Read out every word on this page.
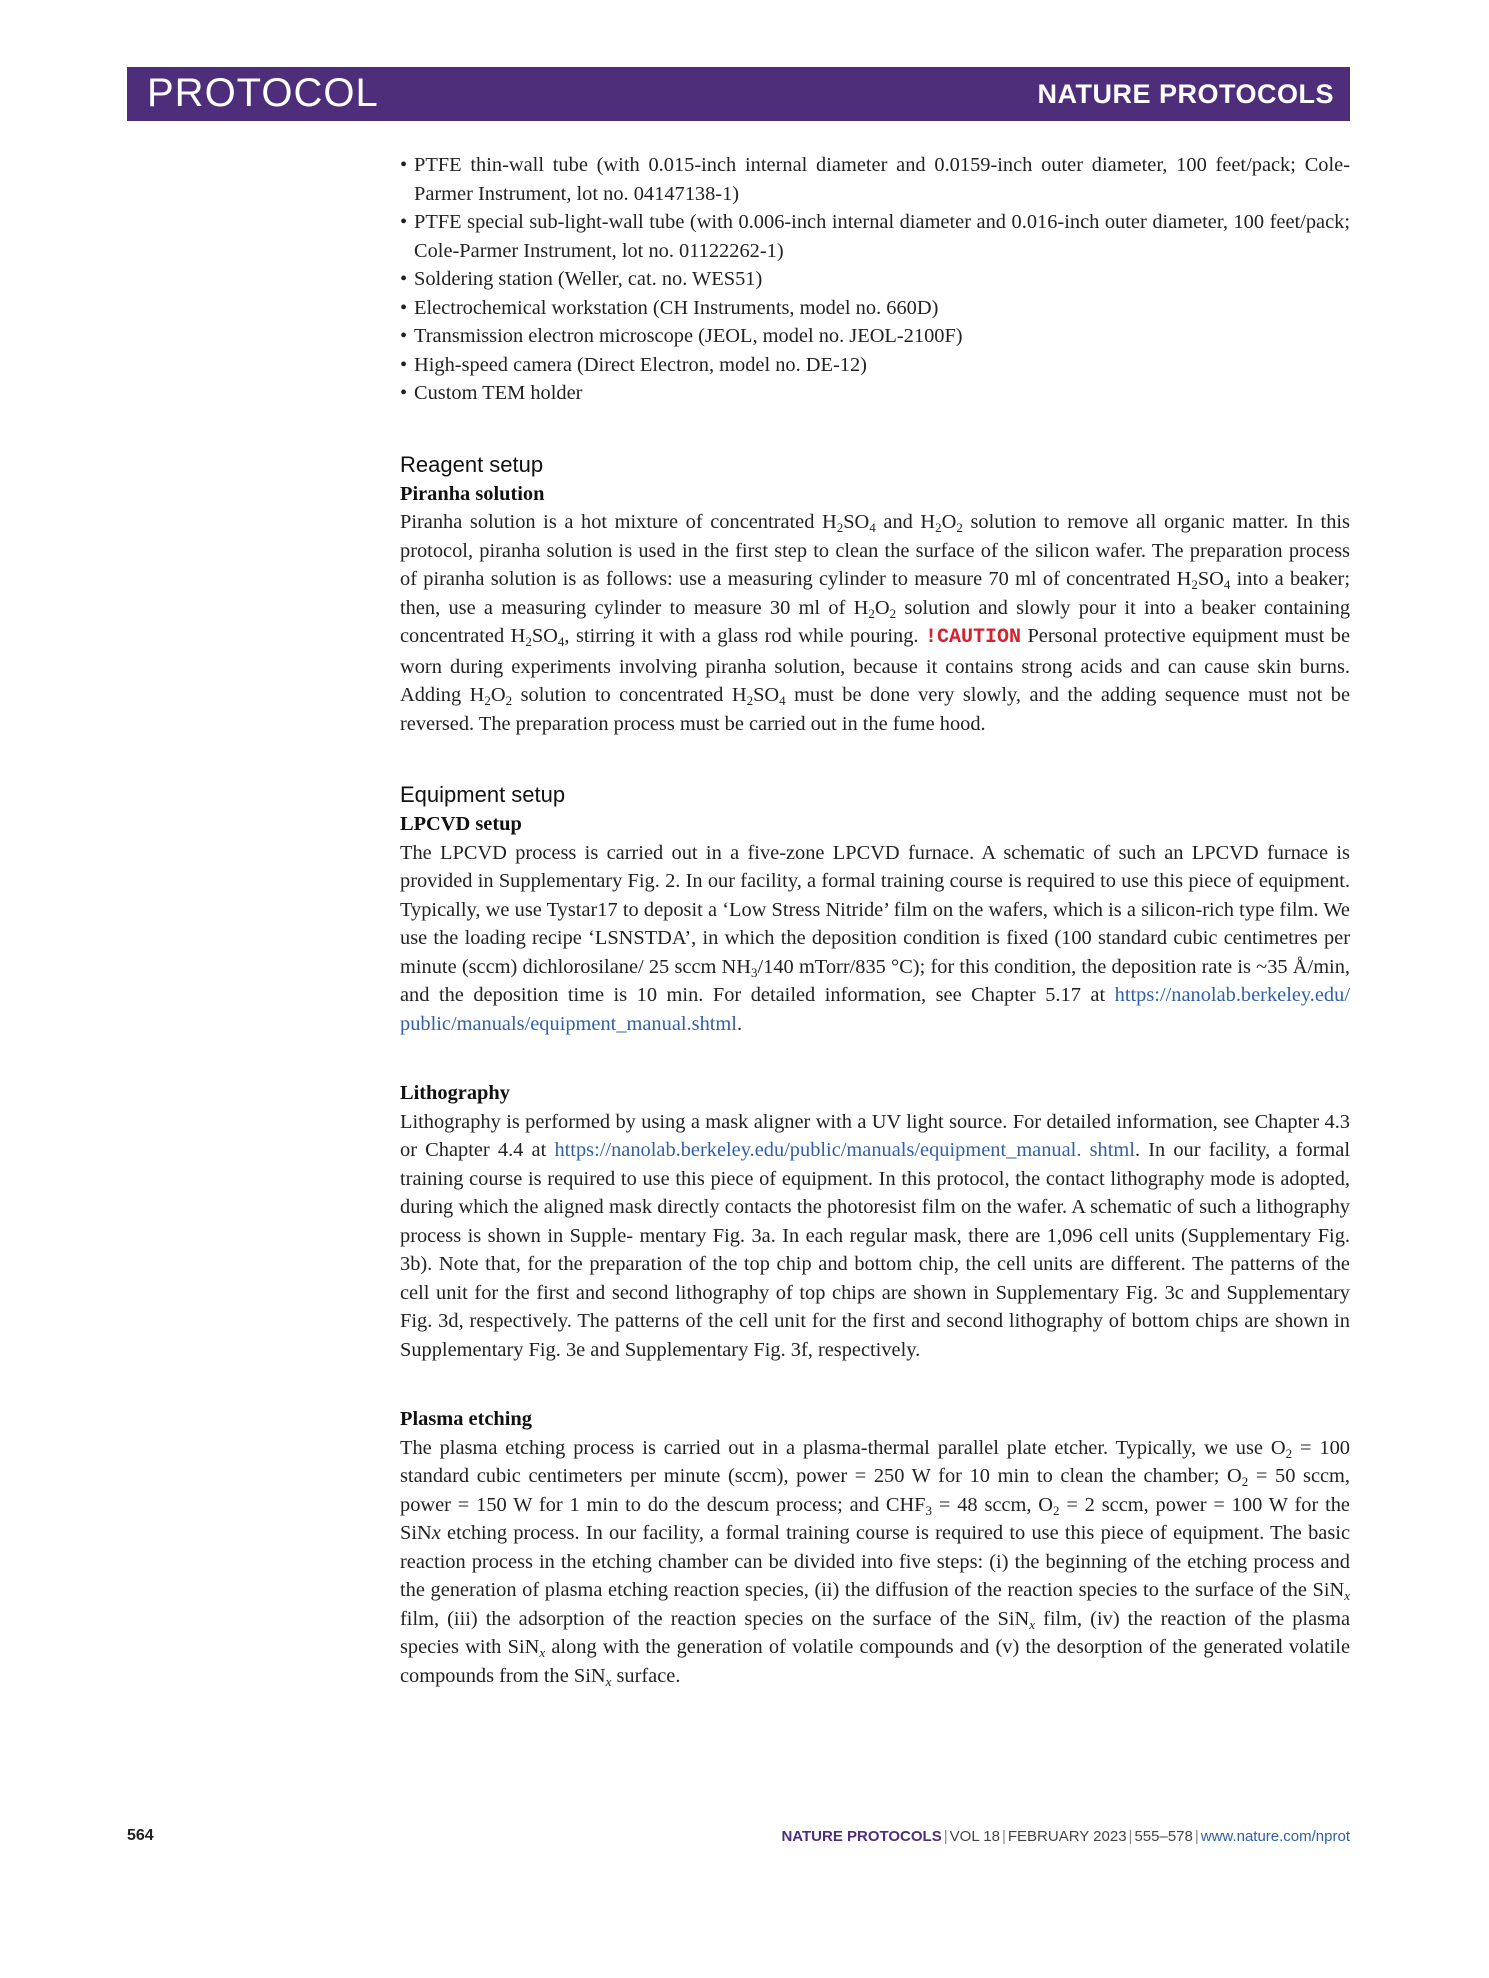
PROTOCOL	NATURE PROTOCOLS
• PTFE thin-wall tube (with 0.015-inch internal diameter and 0.0159-inch outer diameter, 100 feet/pack; Cole-Parmer Instrument, lot no. 04147138-1)
• PTFE special sub-light-wall tube (with 0.006-inch internal diameter and 0.016-inch outer diameter, 100 feet/pack; Cole-Parmer Instrument, lot no. 01122262-1)
• Soldering station (Weller, cat. no. WES51)
• Electrochemical workstation (CH Instruments, model no. 660D)
• Transmission electron microscope (JEOL, model no. JEOL-2100F)
• High-speed camera (Direct Electron, model no. DE-12)
• Custom TEM holder
Reagent setup
Piranha solution

Piranha solution is a hot mixture of concentrated $H_2SO_4$ and $H_2O_2$ solution to remove all organic matter. In this protocol, piranha solution is used in the first step to clean the surface of the silicon wafer. The preparation process of piranha solution is as follows: use a measuring cylinder to measure 70 ml of concentrated $H_2SO_4$ into a beaker; then, use a measuring cylinder to measure 30 ml of $H_2O_2$ solution and slowly pour it into a beaker containing concentrated $H_2SO_4$, stirring it with a glass rod while pouring. !CAUTION Personal protective equipment must be worn during experiments involving piranha solution, because it contains strong acids and can cause skin burns. Adding $H_2O_2$ solution to concentrated $H_2SO_4$ must be done very slowly, and the adding sequence must not be reversed. The preparation process must be carried out in the fume hood.

Equipment setup
LPCVD setup

The LPCVD process is carried out in a five-zone LPCVD furnace. A schematic of such an LPCVD furnace is provided in Supplementary Fig. 2. In our facility, a formal training course is required to use this piece of equipment. Typically, we use Tystar17 to deposit a ‘Low Stress Nitride’ film on the wafers, which is a silicon-rich type film. We use the loading recipe ‘LSNSTDA’, in which the deposition condition is fixed (100 standard cubic centimetres per minute (sccm) dichlorosilane/ 25 sccm $NH_3/140$ mTorr/835 °C); for this condition, the deposition rate is ~35 Å/min, and the deposition time is 10 min. For detailed information, see Chapter 5.17 at https://nanolab.berkeley.edu/ public/manuals/equipment_manual.shtml.

Lithography

Lithography is performed by using a mask aligner with a UV light source. For detailed information, see Chapter 4.3 or Chapter 4.4 at https://nanolab.berkeley.edu/public/manuals/equipment_manual. shtml. In our facility, a formal training course is required to use this piece of equipment. In this protocol, the contact lithography mode is adopted, during which the aligned mask directly contacts the photoresist film on the wafer. A schematic of such a lithography process is shown in Supple- mentary Fig. 3a. In each regular mask, there are 1,096 cell units (Supplementary Fig. 3b). Note that, for the preparation of the top chip and bottom chip, the cell units are different. The patterns of the cell unit for the first and second lithography of top chips are shown in Supplementary Fig. 3c and Supplementary Fig. 3d, respectively. The patterns of the cell unit for the first and second lithography of bottom chips are shown in Supplementary Fig. 3e and Supplementary Fig. 3f, respectively.

Plasma etching

The plasma etching process is carried out in a plasma-thermal parallel plate etcher. Typically, we use $O_2 = 100$ standard cubic centimeters per minute (sccm), power = 250 W for 10 min to clean the chamber; $O_2 = 50$ sccm, power = 150 W for 1 min to do the descum process; and $CHF_3 = 48$ sccm, $O_2 = 2$ sccm, power = 100 W for the SiNx etching process. In our facility, a formal training course is required to use this piece of equipment. The basic reaction process in the etching chamber can be divided into five steps: (i) the beginning of the etching process and the generation of plasma etching reaction species, (ii) the diffusion of the reaction species to the surface of the SiN$_x$ film, (iii) the adsorption of the reaction species on the surface of the SiN$_x$ film, (iv) the reaction of the plasma species with SiN$_x$ along with the generation of volatile compounds and (v) the desorption of the generated volatile compounds from the SiN$_x$ surface.

564	NATURE PROTOCOLS | VOL 18 | FEBRUARY 2023 | 555–578 | www.nature.com/nprot
